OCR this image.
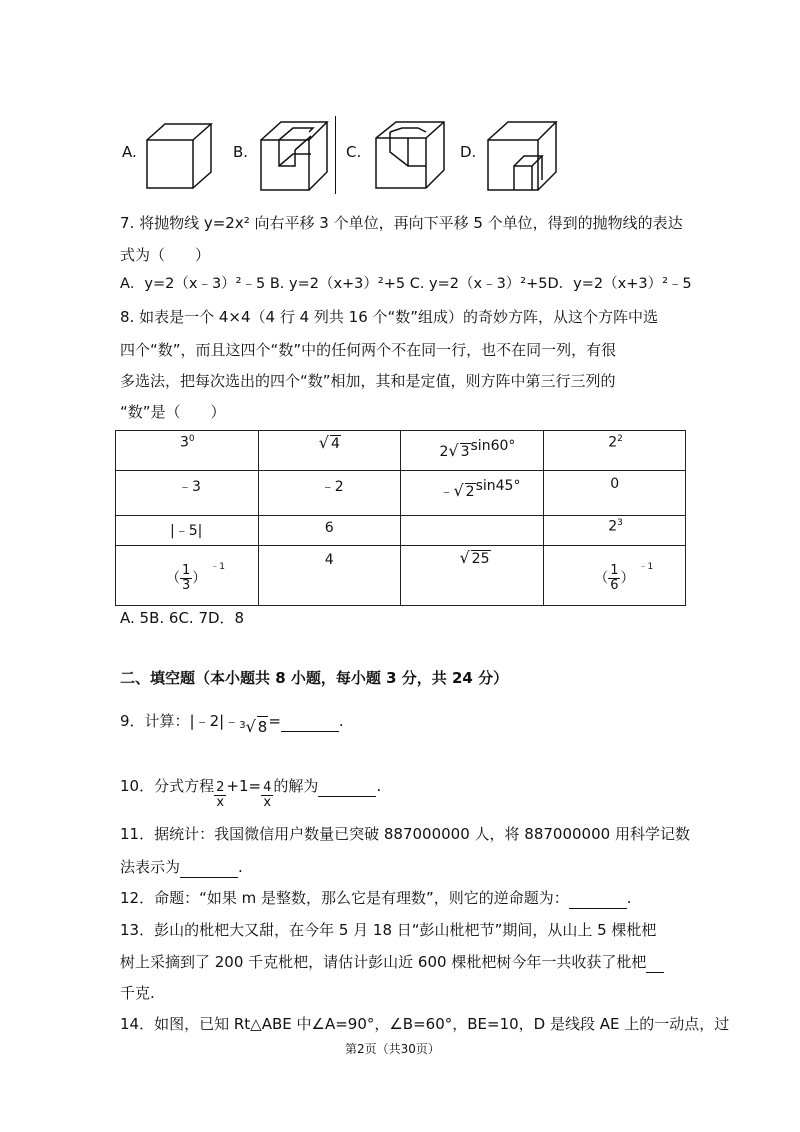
A.	B.	C.	D.
7. 将抛物线 y=2x² 向右平移 3 个单位，再向下平移 5 个单位，得到的抛物线的表达
式为（　　）
A．y=2（x﹣3）²﹣5 B. y=2（x+3）²+5 C. y=2（x﹣3）²+5D．y=2（x+3）²﹣5
8. 如表是一个 4×4（4 行 4 列共 16 个“数”组成）的奇妙方阵，从这个方阵中选
四个“数”，而且这四个“数”中的任何两个不在同一行，也不在同一列，有很
多选法，把每次选出的四个“数”相加，其和是定值，则方阵中第三行三列的
“数”是（　　）
$3^0$	√ 4	2√ 3sin60°	$2^2$

﹣3	﹣2	﹣√ 2sin45°	0

|﹣5|	6		$2^3$

（ $\frac{1}{3} )^{﹣1}$	4	√ 25	（ $\frac{1}{6} )^{﹣1}$
A. 5B. 6C. 7D．8
二、填空题（本小题共 8 小题，每小题 3 分，共 24 分）
9．计算：|﹣2|﹣$^3$√ 8=	.
10．分式方程 $\frac{2}{x} +1= \frac{4}{x}$ 的解为	.
11．据统计：我国微信用户数量已突破 887000000 人，将 887000000 用科学记数
法表示为	.
12．命题：“如果 m 是整数，那么它是有理数”，则它的逆命题为：	.
13．彭山的枇杷大又甜，在今年 5 月 18 日“彭山枇杷节”期间，从山上 5 棵枇杷
树上采摘到了 200 千克枇杷，请估计彭山近 600 棵枇杷树今年一共收获了枇杷
千克.
14．如图，已知 Rt△ABE 中∠A=90°，∠B=60°，BE=10，D 是线段 AE 上的一动点，过
第2页（共30页）
